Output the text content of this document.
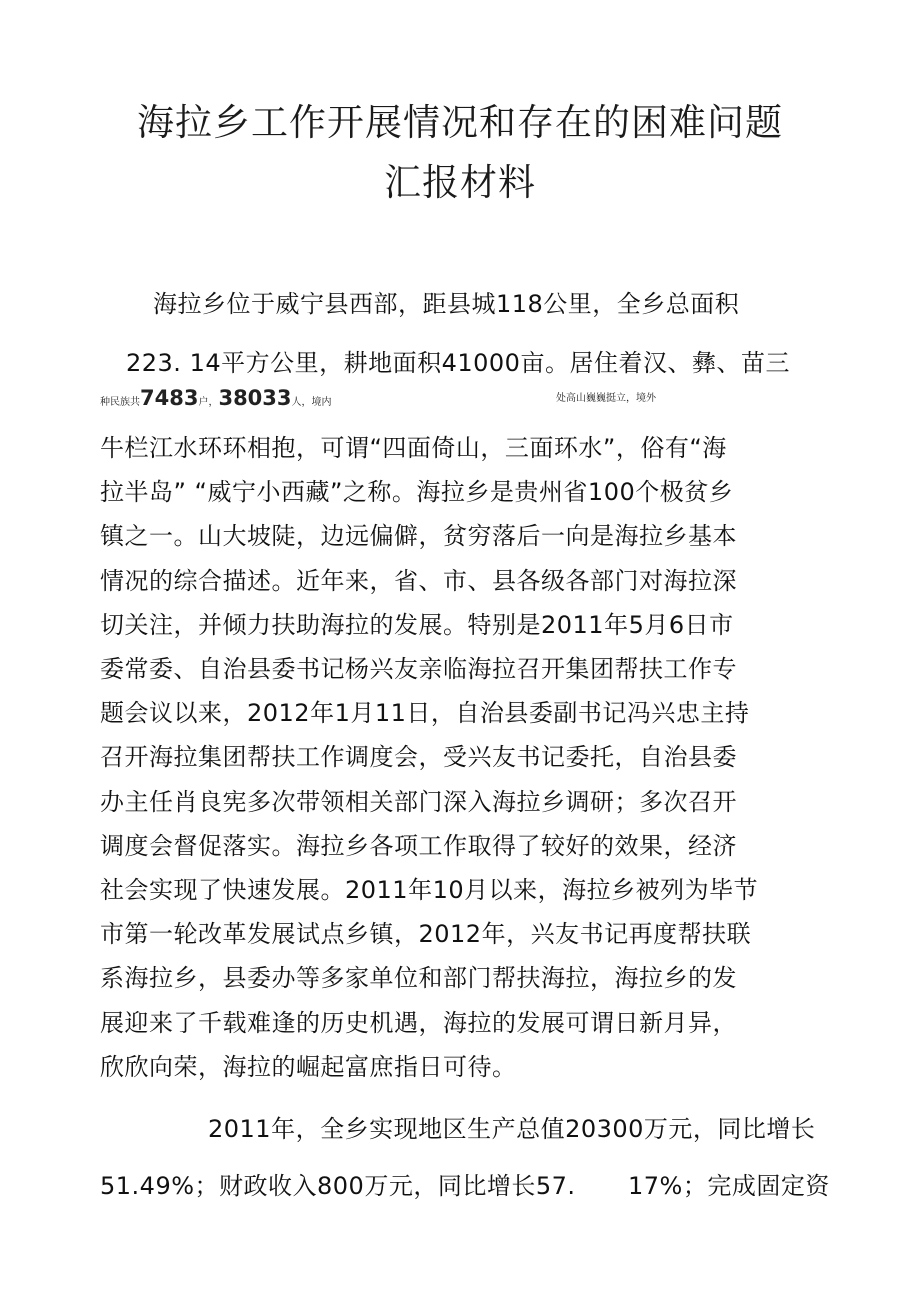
海拉乡工作开展情况和存在的困难问题
汇报材料
海拉乡位于威宁县西部，距县城118公里，全乡总面积
223. 14平方公里，耕地面积41000亩。居住着汉、彝、苗三
种民族共7483户，38033人，境内	处高山巍巍挺立，境外
牛栏江水环环相抱，可谓“四面倚山，三面环水”，俗有“海
拉半岛” “威宁小西藏”之称。海拉乡是贵州省100个极贫乡
镇之一。山大坡陡，边远偏僻，贫穷落后一向是海拉乡基本
情况的综合描述。近年来，省、市、县各级各部门对海拉深
切关注，并倾力扶助海拉的发展。特别是2011年5月6日市
委常委、自治县委书记杨兴友亲临海拉召开集团帮扶工作专
题会议以来，2012年1月11日，自治县委副书记冯兴忠主持
召开海拉集团帮扶工作调度会，受兴友书记委托，自治县委
办主任肖良宪多次带领相关部门深入海拉乡调研；多次召开
调度会督促落实。海拉乡各项工作取得了较好的效果，经济
社会实现了快速发展。2011年10月以来，海拉乡被列为毕节
市第一轮改革发展试点乡镇，2012年，兴友书记再度帮扶联
系海拉乡，县委办等多家单位和部门帮扶海拉，海拉乡的发
展迎来了千载难逢的历史机遇，海拉的发展可谓日新月异，
欣欣向荣，海拉的崛起富庶指日可待。
2011年，全乡实现地区生产总值20300万元，同比增长
51.49%；财政收入800万元，同比增长57. 17%；完成固定资
